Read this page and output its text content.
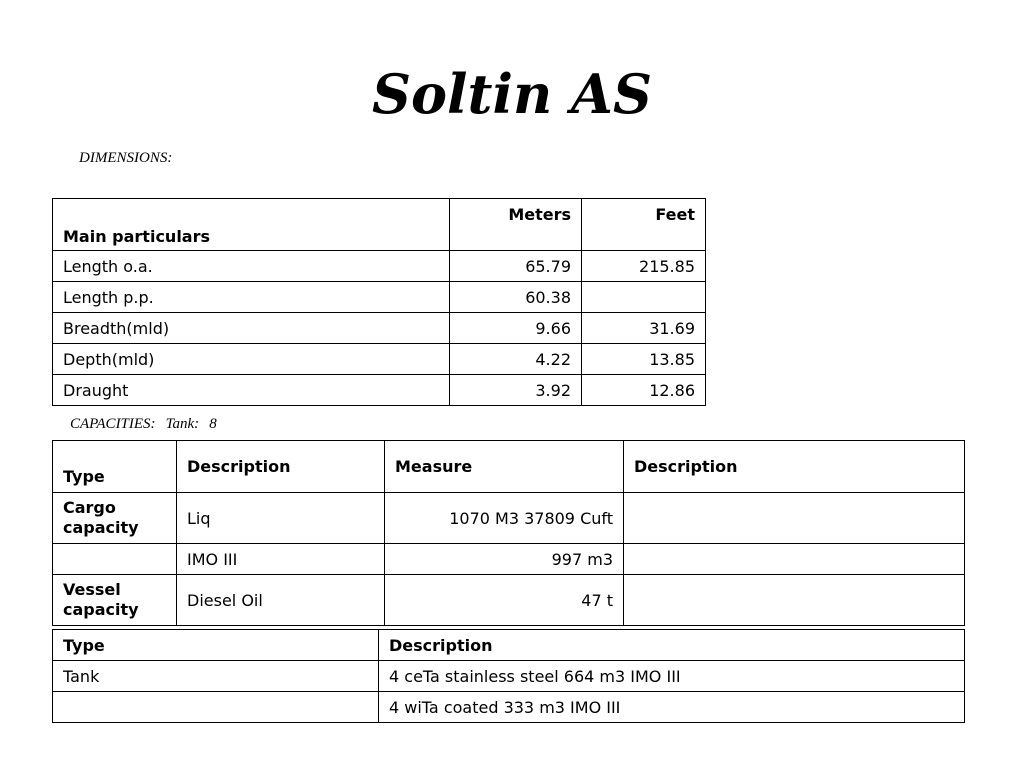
Soltin AS
DIMENSIONS:
Main particulars	Meters	Feet

Length o.a.	65.79	215.85
Length p.p.	60.38	
Breadth(mld)	9.66	31.69
Depth(mld)	4.22	13.85
Draught	3.92	12.86
CAPACITIES: Tank: 8
Type	Description	Measure	Description

Cargo capacity	Liq	1070 M3 37809 Cuft	
	IMO III	997 m3	
Vessel capacity	Diesel Oil	47 t	
Type	Description
Tank	4 ceTa stainless steel 664 m3 IMO III
	4 wiTa coated 333 m3 IMO III
